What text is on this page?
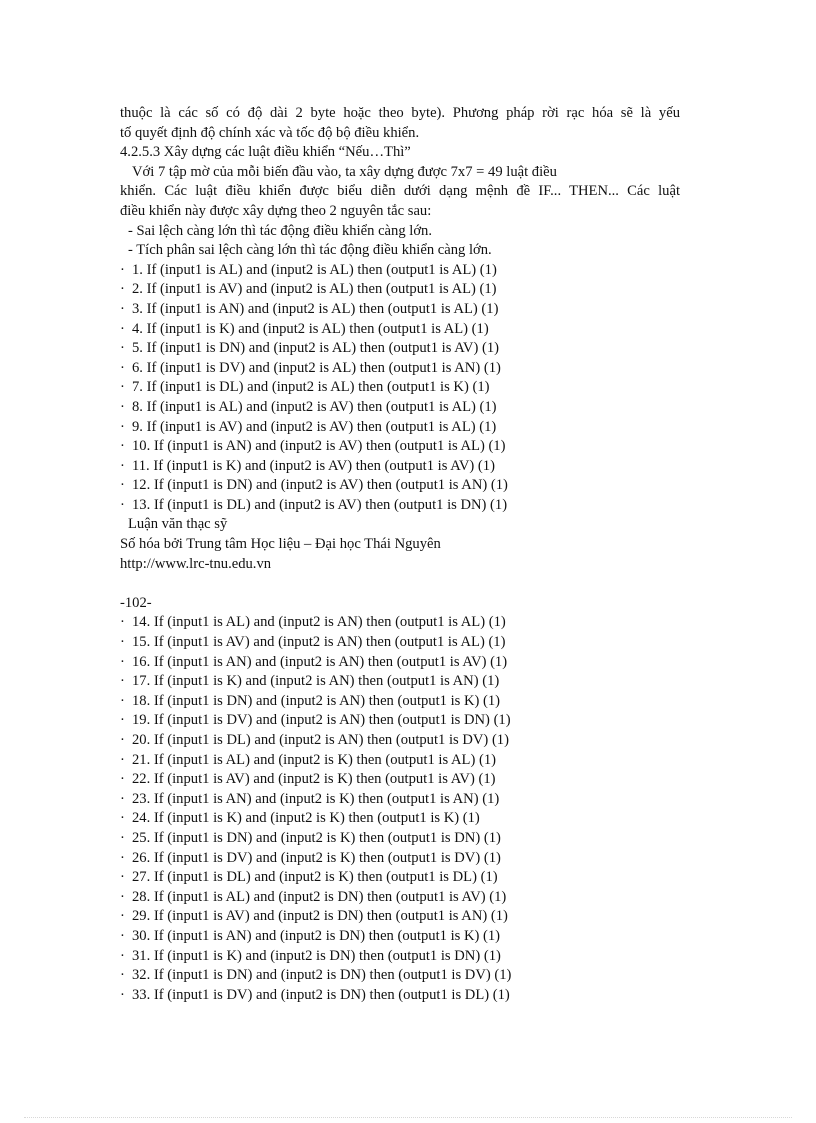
thuộc là các số có độ dài 2 byte hoặc theo byte). Phương pháp rời rạc hóa sẽ là yếu

tố quyết định độ chính xác và tốc độ bộ điều khiển.

4.2.5.3 Xây dựng các luật điều khiển “Nếu…Thì”

Với 7 tập mờ của mỗi biến đầu vào, ta xây dựng được 7x7 = 49 luật điều

khiển. Các luật điều khiển được biểu diễn dưới dạng mệnh đề IF... THEN... Các luật

điều khiển này được xây dựng theo 2 nguyên tắc sau:

- Sai lệch càng lớn thì tác động điều khiển càng lớn.

- Tích phân sai lệch càng lớn thì tác động điều khiển càng lớn.

· 1. If (input1 is AL) and (input2 is AL) then (output1 is AL) (1)
· 2. If (input1 is AV) and (input2 is AL) then (output1 is AL) (1)
· 3. If (input1 is AN) and (input2 is AL) then (output1 is AL) (1)
· 4. If (input1 is K) and (input2 is AL) then (output1 is AL) (1)
· 5. If (input1 is DN) and (input2 is AL) then (output1 is AV) (1)
· 6. If (input1 is DV) and (input2 is AL) then (output1 is AN) (1)
· 7. If (input1 is DL) and (input2 is AL) then (output1 is K) (1)
· 8. If (input1 is AL) and (input2 is AV) then (output1 is AL) (1)
· 9. If (input1 is AV) and (input2 is AV) then (output1 is AL) (1)
· 10. If (input1 is AN) and (input2 is AV) then (output1 is AL) (1)
· 11. If (input1 is K) and (input2 is AV) then (output1 is AV) (1)
· 12. If (input1 is DN) and (input2 is AV) then (output1 is AN) (1)
· 13. If (input1 is DL) and (input2 is AV) then (output1 is DN) (1)

Luận văn thạc sỹ

Số hóa bởi Trung tâm Học liệu – Đại học Thái Nguyên

http://www.lrc-tnu.edu.vn

-102-

· 14. If (input1 is AL) and (input2 is AN) then (output1 is AL) (1)
· 15. If (input1 is AV) and (input2 is AN) then (output1 is AL) (1)
· 16. If (input1 is AN) and (input2 is AN) then (output1 is AV) (1)
· 17. If (input1 is K) and (input2 is AN) then (output1 is AN) (1)
· 18. If (input1 is DN) and (input2 is AN) then (output1 is K) (1)
· 19. If (input1 is DV) and (input2 is AN) then (output1 is DN) (1)
· 20. If (input1 is DL) and (input2 is AN) then (output1 is DV) (1)
· 21. If (input1 is AL) and (input2 is K) then (output1 is AL) (1)
· 22. If (input1 is AV) and (input2 is K) then (output1 is AV) (1)
· 23. If (input1 is AN) and (input2 is K) then (output1 is AN) (1)
· 24. If (input1 is K) and (input2 is K) then (output1 is K) (1)
· 25. If (input1 is DN) and (input2 is K) then (output1 is DN) (1)
· 26. If (input1 is DV) and (input2 is K) then (output1 is DV) (1)
· 27. If (input1 is DL) and (input2 is K) then (output1 is DL) (1)
· 28. If (input1 is AL) and (input2 is DN) then (output1 is AV) (1)
· 29. If (input1 is AV) and (input2 is DN) then (output1 is AN) (1)
· 30. If (input1 is AN) and (input2 is DN) then (output1 is K) (1)
· 31. If (input1 is K) and (input2 is DN) then (output1 is DN) (1)
· 32. If (input1 is DN) and (input2 is DN) then (output1 is DV) (1)
· 33. If (input1 is DV) and (input2 is DN) then (output1 is DL) (1)
